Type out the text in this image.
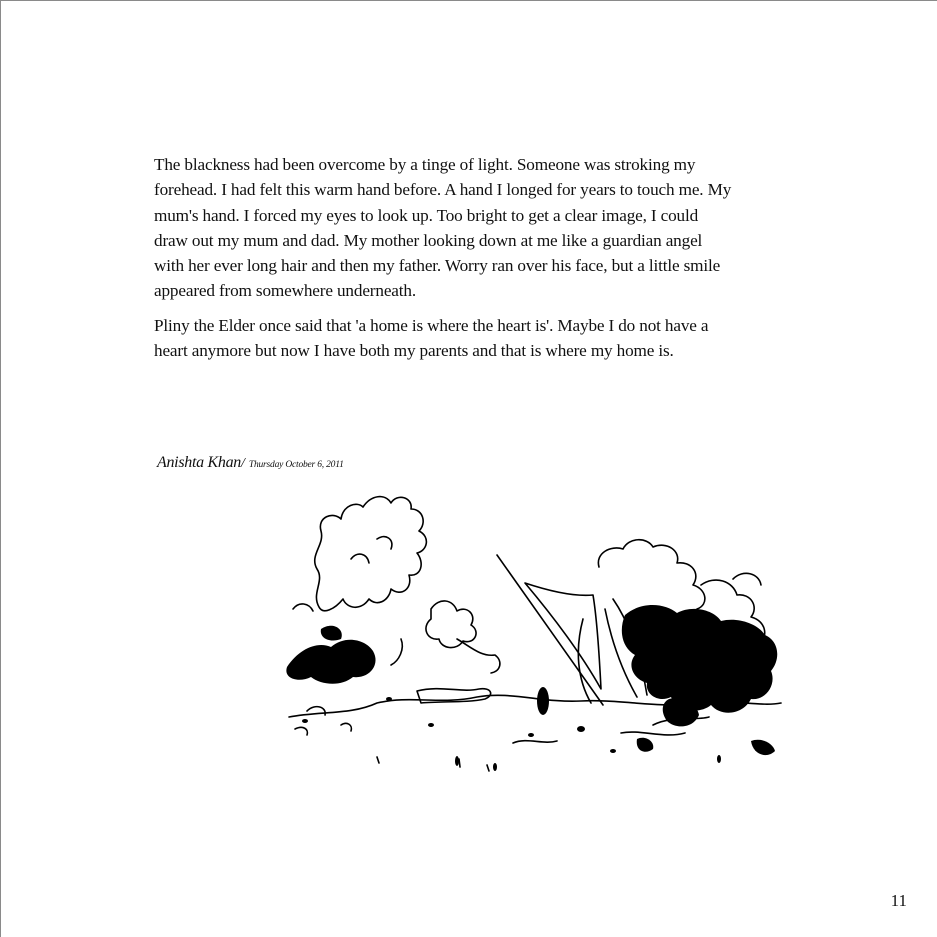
The blackness had been overcome by a tinge of light. Someone was stroking my
forehead. I had felt this warm hand before. A hand I longed for years to touch me. My
mum's hand. I forced my eyes to look up. Too bright to get a clear image, I could
draw out my mum and dad. My mother looking down at me like a guardian angel
with her ever long hair and then my father. Worry ran over his face, but a little smile
appeared from somewhere underneath.

Pliny the Elder once said that 'a home is where the heart is'. Maybe I do not have a
heart anymore but now I have both my parents and that is where my home is.

Anishta Khan/ Thursday October 6, 2011
11
